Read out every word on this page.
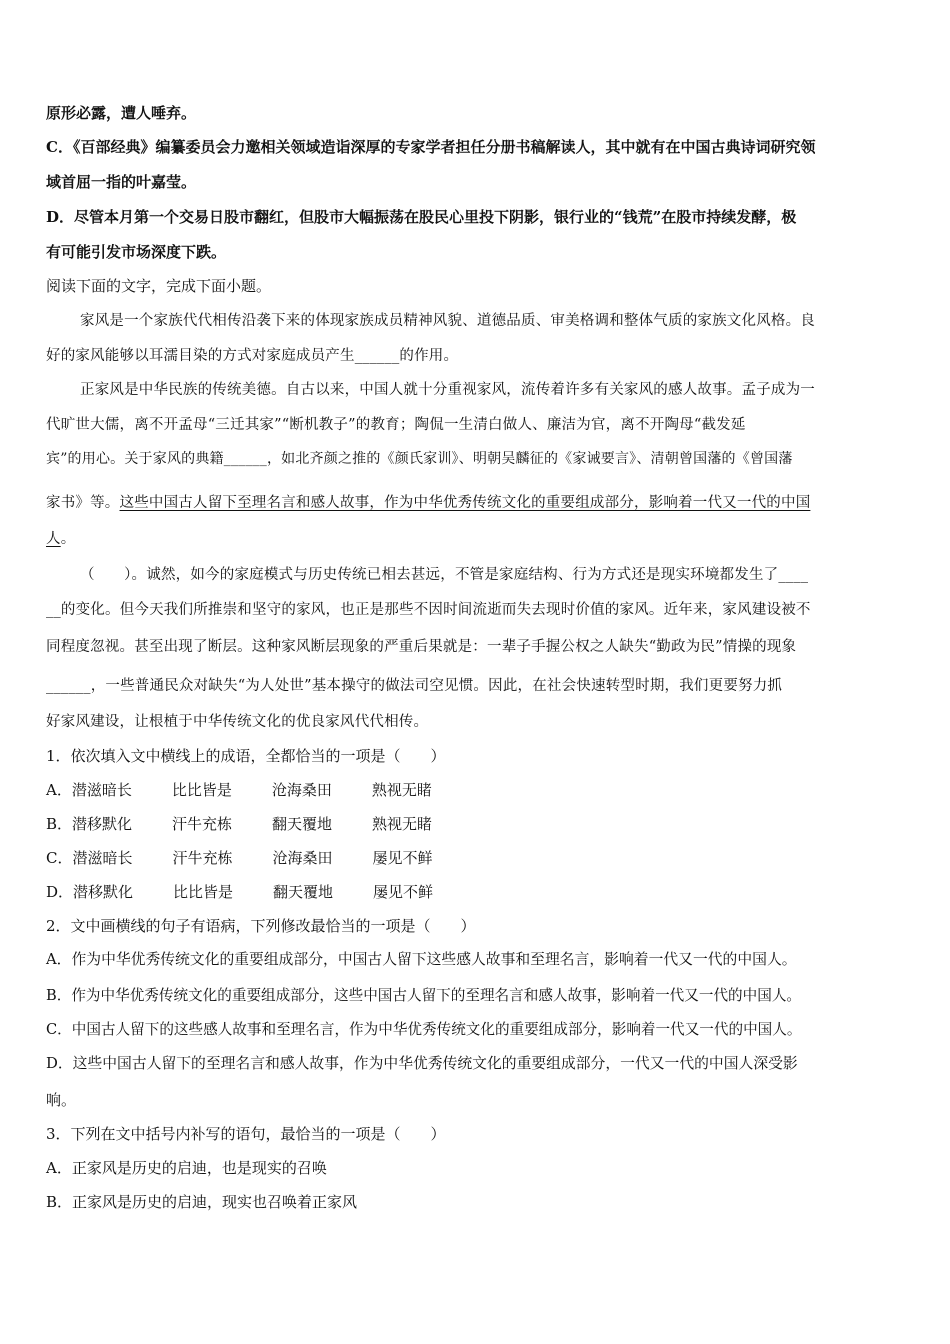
原形必露，遭人唾弃。
C．《百部经典》编纂委员会力邀相关领域造诣深厚的专家学者担任分册书稿解读人，其中就有在中国古典诗词研究领
域首屈一指的叶嘉莹。
D．尽管本月第一个交易日股市翻红，但股市大幅振荡在股民心里投下阴影，银行业的“钱荒”在股市持续发酵，极
有可能引发市场深度下跌。
阅读下面的文字，完成下面小题。
家风是一个家族代代相传沿袭下来的体现家族成员精神风貌、道德品质、审美格调和整体气质的家族文化风格。良
好的家风能够以耳濡目染的方式对家庭成员产生______的作用。
正家风是中华民族的传统美德。自古以来，中国人就十分重视家风，流传着许多有关家风的感人故事。孟子成为一
代旷世大儒，离不开孟母“三迁其家”“断机教子”的教育；陶侃一生清白做人、廉洁为官，离不开陶母“截发延
宾”的用心。关于家风的典籍______，如北齐颜之推的《颜氏家训》、明朝吴麟征的《家诫要言》、清朝曾国藩的《曾国藩
家书》等。这些中国古人留下至理名言和感人故事，作为中华优秀传统文化的重要组成部分，影响着一代又一代的中国
人。
（　　）。诚然，如今的家庭模式与历史传统已相去甚远，不管是家庭结构、行为方式还是现实环境都发生了____
__的变化。但今天我们所推崇和坚守的家风，也正是那些不因时间流逝而失去现时价值的家风。近年来，家风建设被不
同程度忽视。甚至出现了断层。这种家风断层现象的严重后果就是：一辈子手握公权之人缺失“勤政为民”情操的现象
______，一些普通民众对缺失“为人处世”基本操守的做法司空见惯。因此，在社会快速转型时期，我们更要努力抓
好家风建设，让根植于中华传统文化的优良家风代代相传。
1．依次填入文中横线上的成语，全都恰当的一项是（　　）
A．潜滋暗长	比比皆是	沧海桑田	熟视无睹
B．潜移默化	汗牛充栋	翻天覆地	熟视无睹
C．潜滋暗长	汗牛充栋	沧海桑田	屡见不鲜
D．潜移默化	比比皆是	翻天覆地	屡见不鲜
2．文中画横线的句子有语病，下列修改最恰当的一项是（　　）
A．作为中华优秀传统文化的重要组成部分，中国古人留下这些感人故事和至理名言，影响着一代又一代的中国人。
B．作为中华优秀传统文化的重要组成部分，这些中国古人留下的至理名言和感人故事，影响着一代又一代的中国人。
C．中国古人留下的这些感人故事和至理名言，作为中华优秀传统文化的重要组成部分，影响着一代又一代的中国人。
D．这些中国古人留下的至理名言和感人故事，作为中华优秀传统文化的重要组成部分，一代又一代的中国人深受影
响。
3．下列在文中括号内补写的语句，最恰当的一项是（　　）
A．正家风是历史的启迪，也是现实的召唤
B．正家风是历史的启迪，现实也召唤着正家风
